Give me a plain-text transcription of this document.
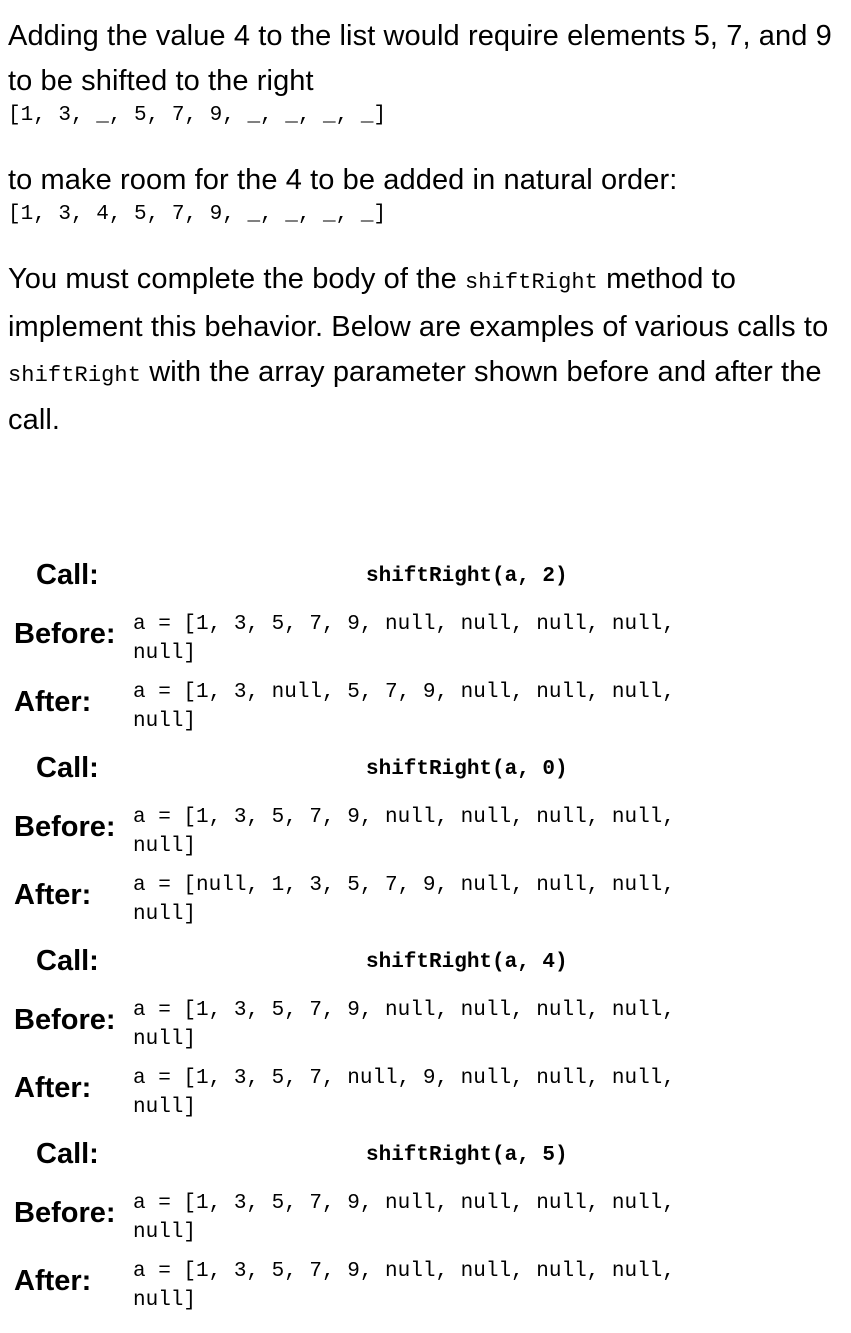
Adding the value 4 to the list would require elements 5, 7, and 9 to be shifted to the right

[1, 3, _, 5, 7, 9, _, _, _, _]

to make room for the 4 to be added in natural order:

[1, 3, 4, 5, 7, 9, _, _, _, _]

You must complete the body of the shiftRight method to implement this behavior. Below are examples of various calls to shiftRight with the array parameter shown before and after the call.

Call:	shiftRight(a, 2)
Before: a = [1, 3, 5, 7, 9, null, null, null, null,
null]
After: a = [1, 3, null, 5, 7, 9, null, null, null,
null]
Call:	shiftRight(a, 0)
Before: a = [1, 3, 5, 7, 9, null, null, null, null,
null]
After: a = [null, 1, 3, 5, 7, 9, null, null, null,
null]
Call:	shiftRight(a, 4)
Before: a = [1, 3, 5, 7, 9, null, null, null, null,
null]
After: a = [1, 3, 5, 7, null, 9, null, null, null,
null]
Call:	shiftRight(a, 5)
Before: a = [1, 3, 5, 7, 9, null, null, null, null,
null]
After: a = [1, 3, 5, 7, 9, null, null, null, null,
null]
